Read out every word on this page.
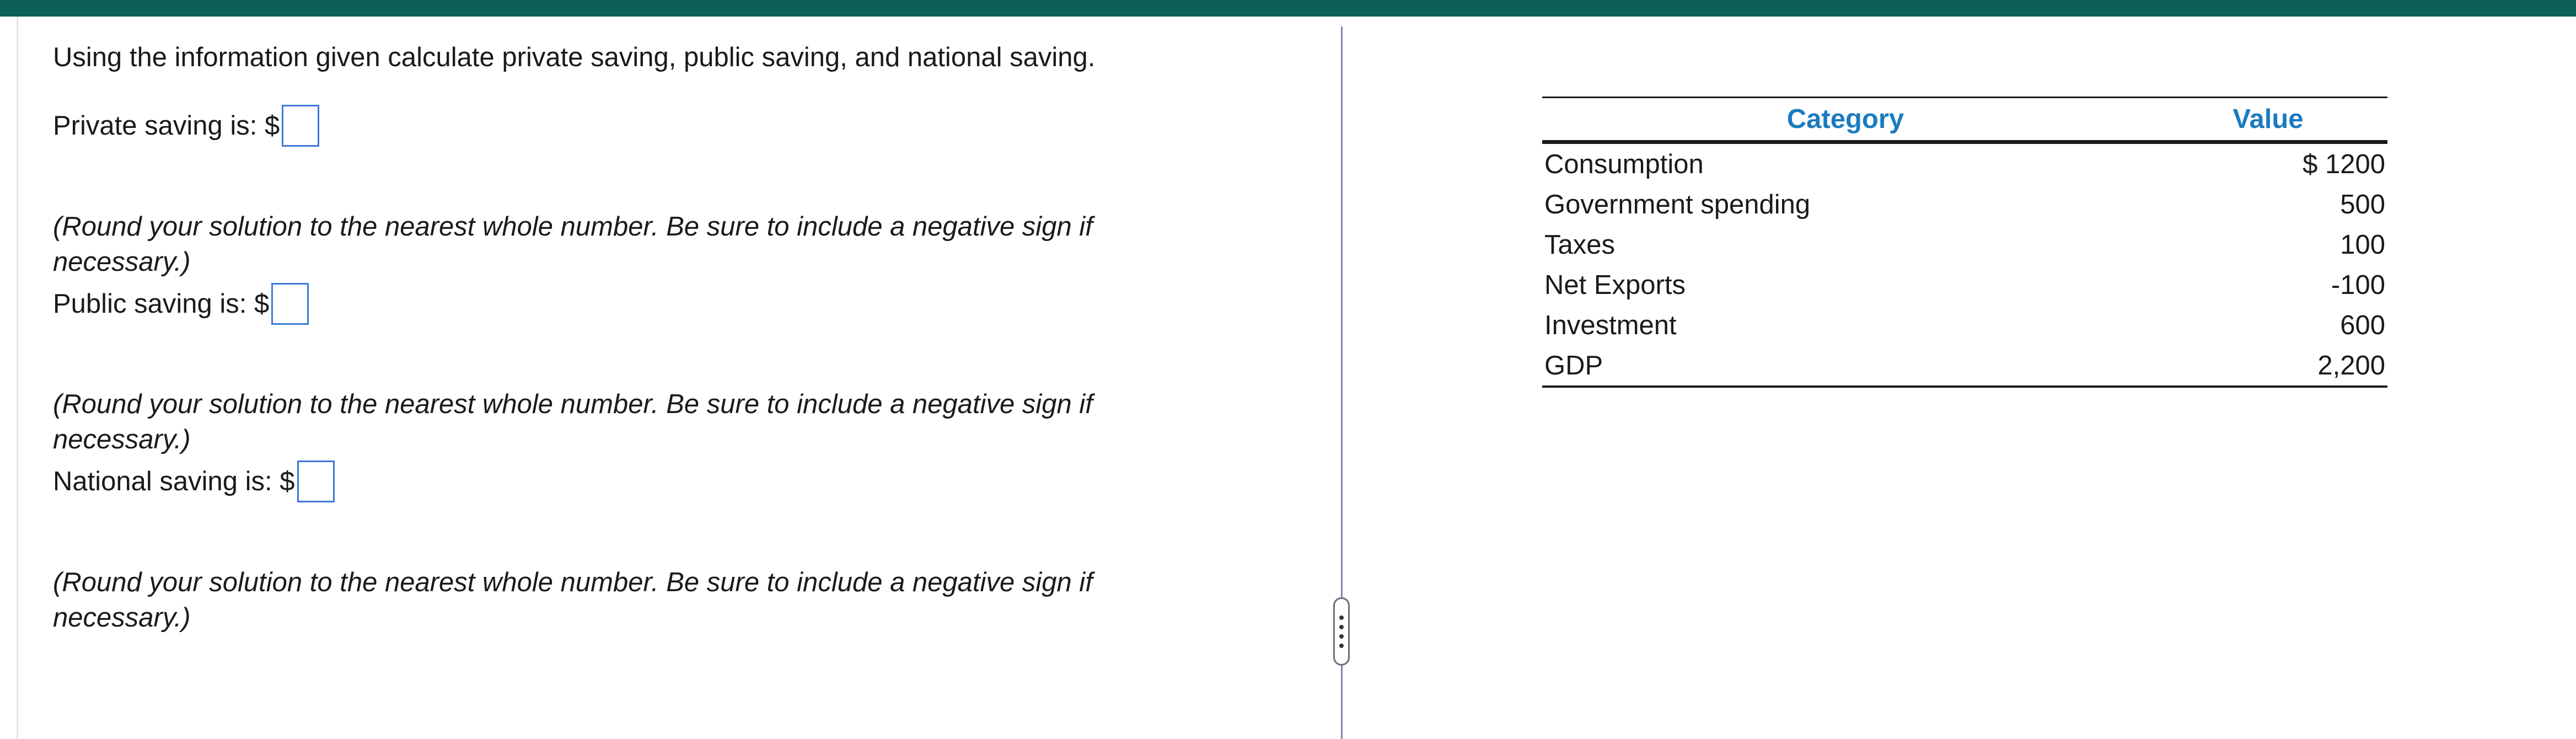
Using the information given calculate private saving, public saving, and national saving.

Private saving is: $

(Round your solution to the nearest whole number. Be sure to include a negative sign if necessary.)

Public saving is: $

(Round your solution to the nearest whole number. Be sure to include a negative sign if necessary.)

National saving is: $

(Round your solution to the nearest whole number. Be sure to include a negative sign if necessary.)

Category	Value
Consumption	$ 1200
Government spending	500
Taxes	100
Net Exports	-100
Investment	600
GDP	2,200
